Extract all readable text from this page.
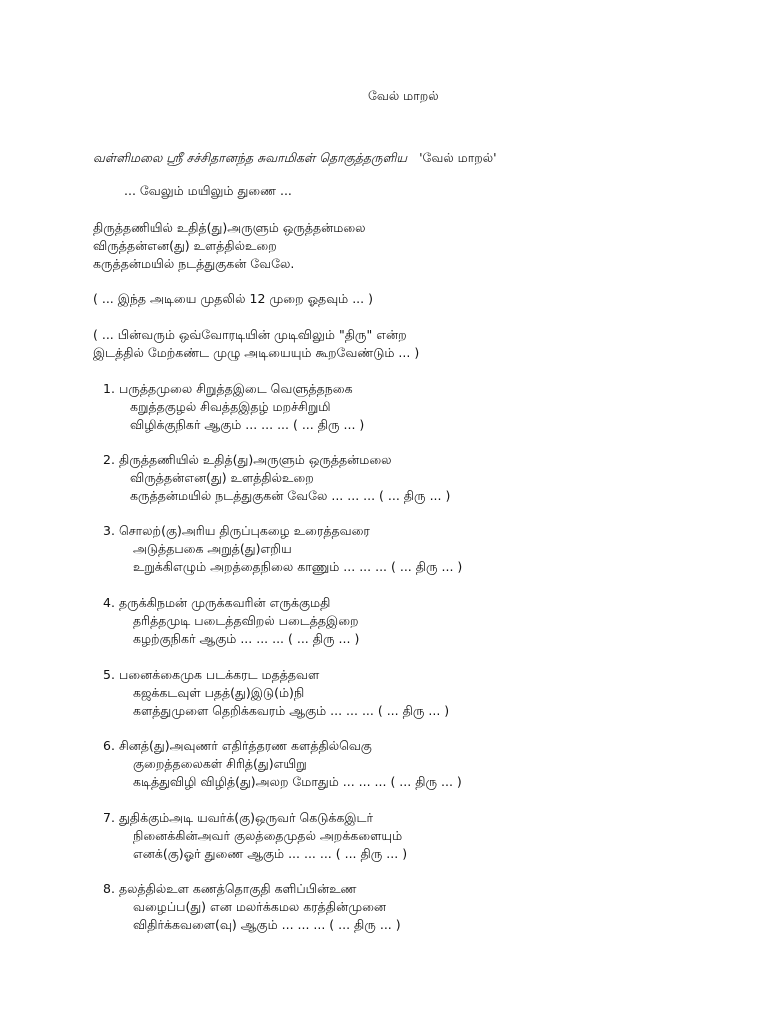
வேல் மாறல்
வள்ளிமலை ஸ்ரீ சச்சிதானந்த சுவாமிகள் தொகுத்தருளிய 'வேல் மாறல்'
... வேலும் மயிலும் துணை ...
திருத்தணியில் உதித்(து)அருளும் ஒருத்தன்மலை
விருத்தன்என(து) உளத்தில்உறை
கருத்தன்மயில் நடத்துகுகன் வேலே.
( ... இந்த அடியை முதலில் 12 முறை ஓதவும் ... )
( ... பின்வரும் ஒவ்வோரடியின் முடிவிலும் "திரு" என்ற
இடத்தில் மேற்கண்ட முழு அடியையும் கூறவேண்டும் ... )
1. பருத்தமுலை சிறுத்தஇடை வெளுத்தநகை
கறுத்தகுழல் சிவத்தஇதழ் மறச்சிறுமி
விழிக்குநிகர் ஆகும் ... ... ... ( ... திரு ... )
2. திருத்தணியில் உதித்(து)அருளும் ஒருத்தன்மலை
விருத்தன்என(து) உளத்தில்உறை
கருத்தன்மயில் நடத்துகுகன் வேலே ... ... ... ( ... திரு ... )
3. சொலற்(கு)அரிய திருப்புகழை உரைத்தவரை
அடுத்தபகை அறுத்(து)எறிய
உறுக்கிஎழும் அறத்தைநிலை காணும் ... ... ... ( ... திரு ... )
4. தருக்கிநமன் முருக்கவரின் எருக்குமதி
தரித்தமுடி படைத்தவிறல் படைத்தஇறை
கழற்குநிகர் ஆகும் ... ... ... ( ... திரு ... )
5. பனைக்கைமுக படக்கரட மதத்தவள
கஜக்கடவுள் பதத்(து)இடு(ம்)நி
களத்துமுளை தெறிக்கவரம் ஆகும் ... ... ... ( ... திரு ... )
6. சினத்(து)அவுணர் எதிர்த்தரண களத்தில்வெகு
குறைத்தலைகள் சிரித்(து)எயிறு
கடித்துவிழி விழித்(து)அலற மோதும் ... ... ... ( ... திரு ... )
7. துதிக்கும்அடி யவர்க்(கு)ஒருவர் கெடுக்கஇடர்
நினைக்கின்அவர் குலத்தைமுதல் அறக்களையும்
எனக்(கு)ஓர் துணை ஆகும் ... ... ... ( ... திரு ... )
8. தலத்தில்உள கணத்தொகுதி களிப்பின்உண
வழைப்ப(து) என மலர்க்கமல கரத்தின்முனை
விதிர்க்கவளை(வு) ஆகும் ... ... ... ( ... திரு ... )
